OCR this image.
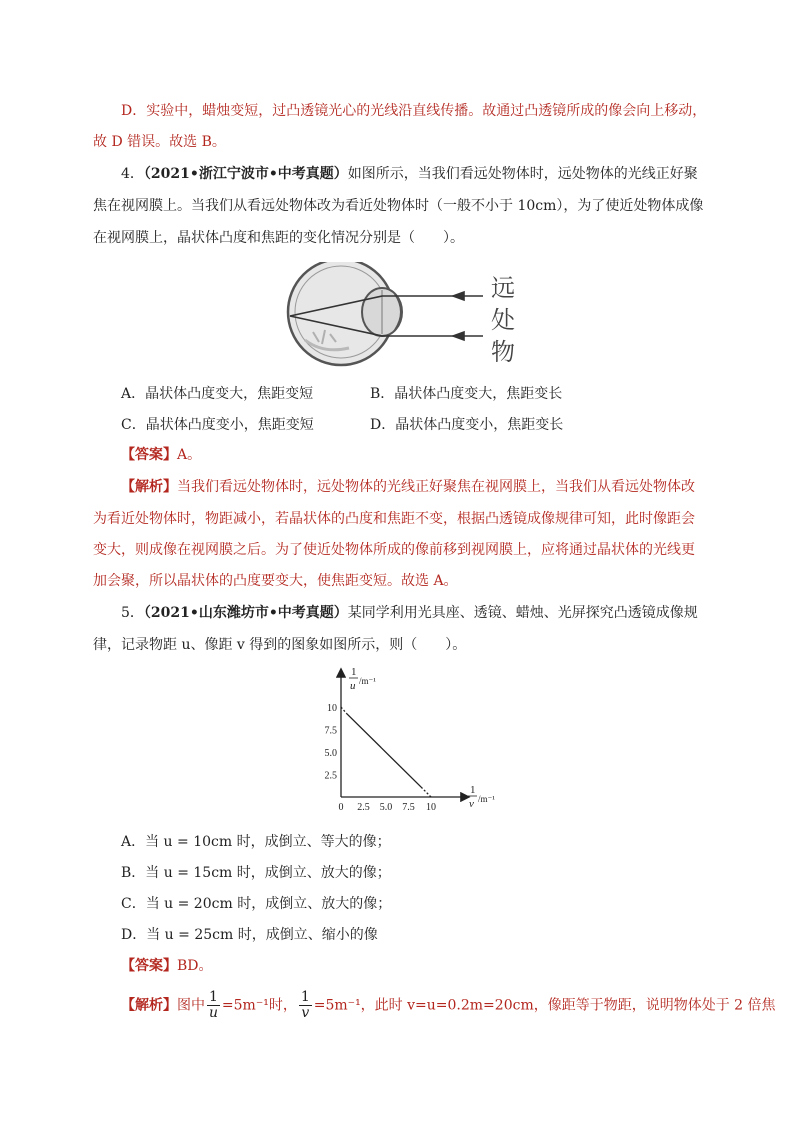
D．实验中，蜡烛变短，过凸透镜光心的光线沿直线传播。故通过凸透镜所成的像会向上移动，
故 D 错误。故选 B。
4．（2021•浙江宁波市•中考真题）如图所示，当我们看远处物体时，远处物体的光线正好聚
焦在视网膜上。当我们从看远处物体改为看近处物体时（一般不小于 10cm），为了使近处物体成像
在视网膜上，晶状体凸度和焦距的变化情况分别是（　　）。
远
处
物
A．晶状体凸度变大，焦距变短	B．晶状体凸度变大，焦距变长
C．晶状体凸度变小，焦距变短	D．晶状体凸度变小，焦距变长
【答案】A。
【解析】当我们看远处物体时，远处物体的光线正好聚焦在视网膜上，当我们从看远处物体改
为看近处物体时，物距减小，若晶状体的凸度和焦距不变，根据凸透镜成像规律可知，此时像距会
变大，则成像在视网膜之后。为了使近处物体所成的像前移到视网膜上，应将通过晶状体的光线更
加会聚，所以晶状体的凸度要变大，使焦距变短。故选 A。
5．（2021•山东潍坊市•中考真题）某同学利用光具座、透镜、蜡烛、光屏探究凸透镜成像规
律，记录物距 u、像距 v 得到的图象如图所示，则（　　）。
0 2.5 5.0 7.5 10
2.5
5.0
7.5
10
1
u /m⁻¹
1
v /m⁻¹
A．当 u = 10cm 时，成倒立、等大的像；
B．当 u = 15cm 时，成倒立、放大的像；
C．当 u = 20cm 时，成倒立、放大的像；
D．当 u = 25cm 时，成倒立、缩小的像
【答案】BD。
【解析】图中 $\frac{1}{u} =5m^{-1}$时， $\frac{1}{v} =5m^{-1}$，此时 v=u=0.2m=20cm，像距等于物距，说明物体处于 2 倍焦
